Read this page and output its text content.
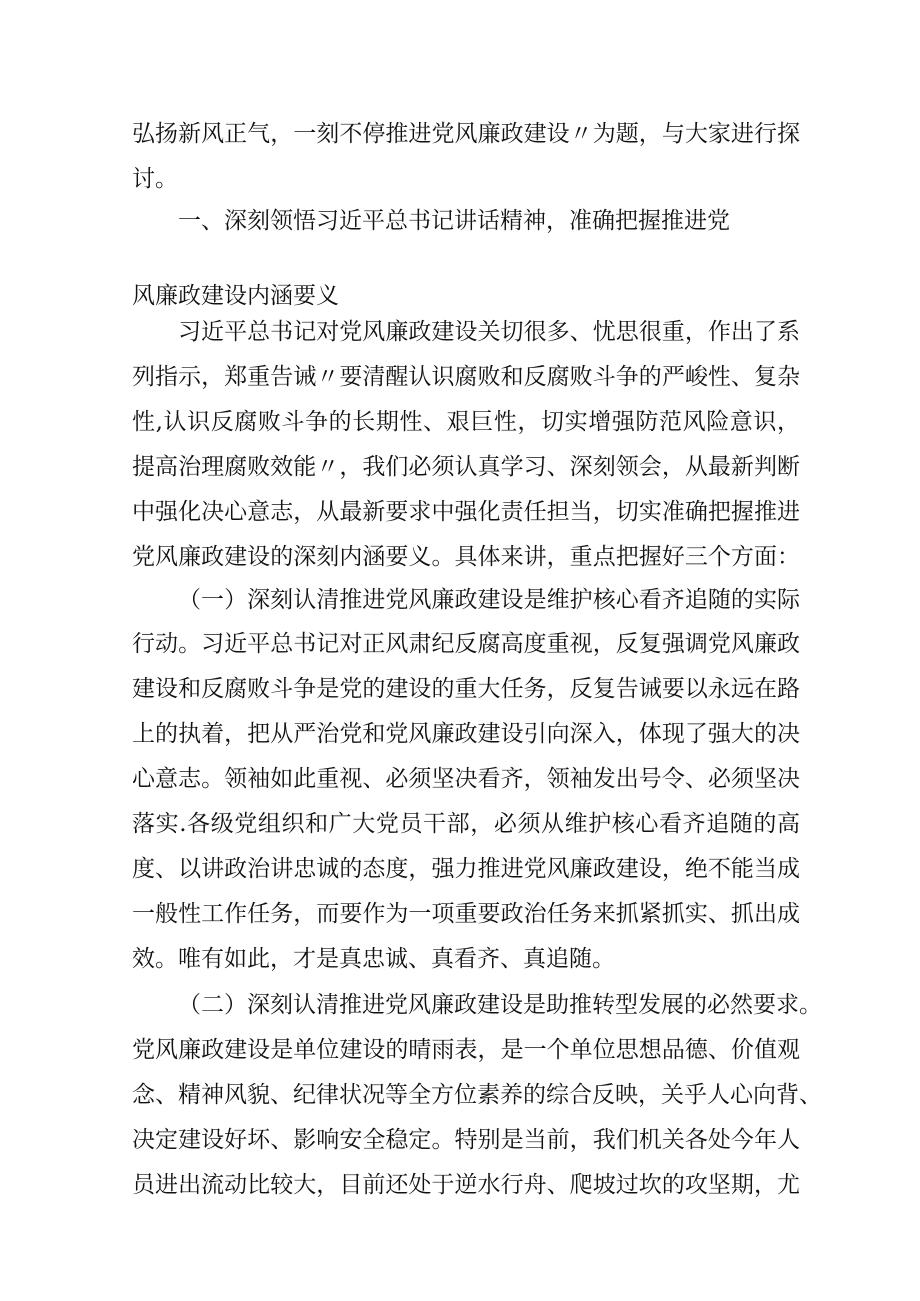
弘扬新风正气，一刻不停推进党风廉政建设〃为题，与大家进行探
讨。
一、深刻领悟习近平总书记讲话精神，准确把握推进党
风廉政建设内涵要义
习近平总书记对党风廉政建设关切很多、忧思很重，作出了系
列指示，郑重告诫〃要清醒认识腐败和反腐败斗争的严峻性、复杂
性,认识反腐败斗争的长期性、艰巨性，切实增强防范风险意识，
提高治理腐败效能〃，我们必须认真学习、深刻领会，从最新判断
中强化决心意志，从最新要求中强化责任担当，切实准确把握推进
党风廉政建设的深刻内涵要义。具体来讲，重点把握好三个方面：
（一）深刻认清推进党风廉政建设是维护核心看齐追随的实际
行动。习近平总书记对正风肃纪反腐高度重视，反复强调党风廉政
建设和反腐败斗争是党的建设的重大任务，反复告诫要以永远在路
上的执着，把从严治党和党风廉政建设引向深入，体现了强大的决
心意志。领袖如此重视、必须坚决看齐，领袖发出号令、必须坚决
落实.各级党组织和广大党员干部，必须从维护核心看齐追随的高
度、以讲政治讲忠诚的态度，强力推进党风廉政建设，绝不能当成
一般性工作任务，而要作为一项重要政治任务来抓紧抓实、抓出成
效。唯有如此，才是真忠诚、真看齐、真追随。
（二）深刻认清推进党风廉政建设是助推转型发展的必然要求。
党风廉政建设是单位建设的晴雨表，是一个单位思想品德、价值观
念、精神风貌、纪律状况等全方位素养的综合反映，关乎人心向背、
决定建设好坏、影响安全稳定。特别是当前，我们机关各处今年人
员进出流动比较大，目前还处于逆水行舟、爬坡过坎的攻坚期，尤
